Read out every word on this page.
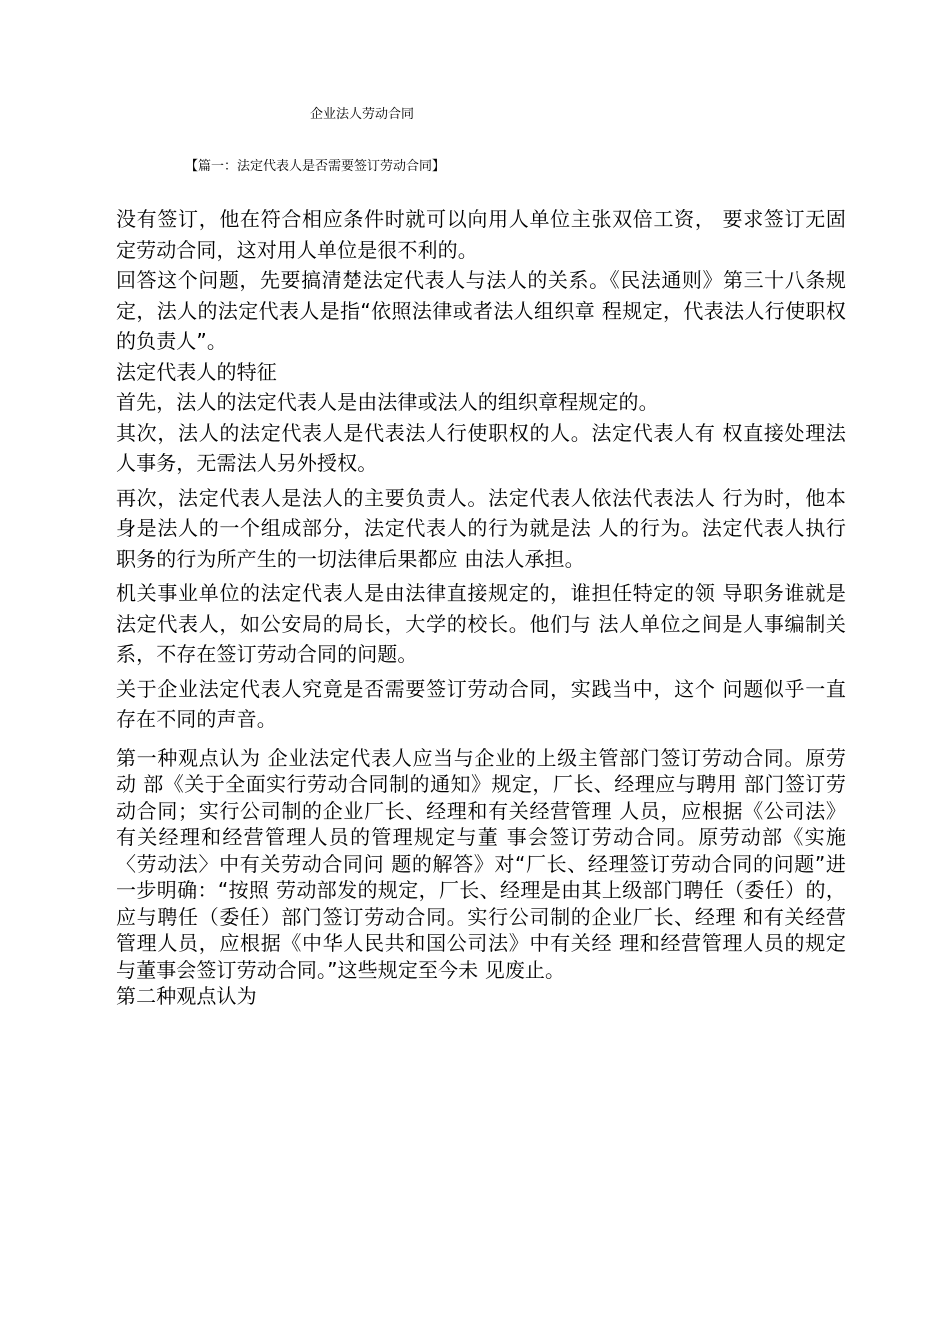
企业法人劳动合同
【篇一：法定代表人是否需要签订劳动合同】

没有签订，他在符合相应条件时就可以向用人单位主张双倍工资， 要求签订无固定劳动合同，这对用人单位是很不利的。

回答这个问题，先要搞清楚法定代表人与法人的关系。《民法通则》第三十八条规定，法人的法定代表人是指“依照法律或者法人组织章 程规定，代表法人行使职权的负责人”。

法定代表人的特征

首先，法人的法定代表人是由法律或法人的组织章程规定的。

其次，法人的法定代表人是代表法人行使职权的人。法定代表人有 权直接处理法人事务，无需法人另外授权。

再次，法定代表人是法人的主要负责人。法定代表人依法代表法人 行为时，他本身是法人的一个组成部分，法定代表人的行为就是法 人的行为。法定代表人执行职务的行为所产生的一切法律后果都应 由法人承担。

机关事业单位的法定代表人是由法律直接规定的，谁担任特定的领 导职务谁就是法定代表人，如公安局的局长，大学的校长。他们与 法人单位之间是人事编制关系，不存在签订劳动合同的问题。

关于企业法定代表人究竟是否需要签订劳动合同，实践当中，这个 问题似乎一直存在不同的声音。

第一种观点认为 企业法定代表人应当与企业的上级主管部门签订劳动合同。原劳动 部《关于全面实行劳动合同制的通知》规定，厂长、经理应与聘用 部门签订劳动合同；实行公司制的企业厂长、经理和有关经营管理 人员，应根据《公司法》有关经理和经营管理人员的管理规定与董 事会签订劳动合同。原劳动部《实施〈劳动法〉中有关劳动合同问 题的解答》对“厂长、经理签订劳动合同的问题”进一步明确：“按照 劳动部发的规定，厂长、经理是由其上级部门聘任（委任）的，应与聘任（委任）部门签订劳动合同。实行公司制的企业厂长、经理 和有关经营管理人员，应根据《中华人民共和国公司法》中有关经 理和经营管理人员的规定与董事会签订劳动合同。”这些规定至今未 见废止。

第二种观点认为
